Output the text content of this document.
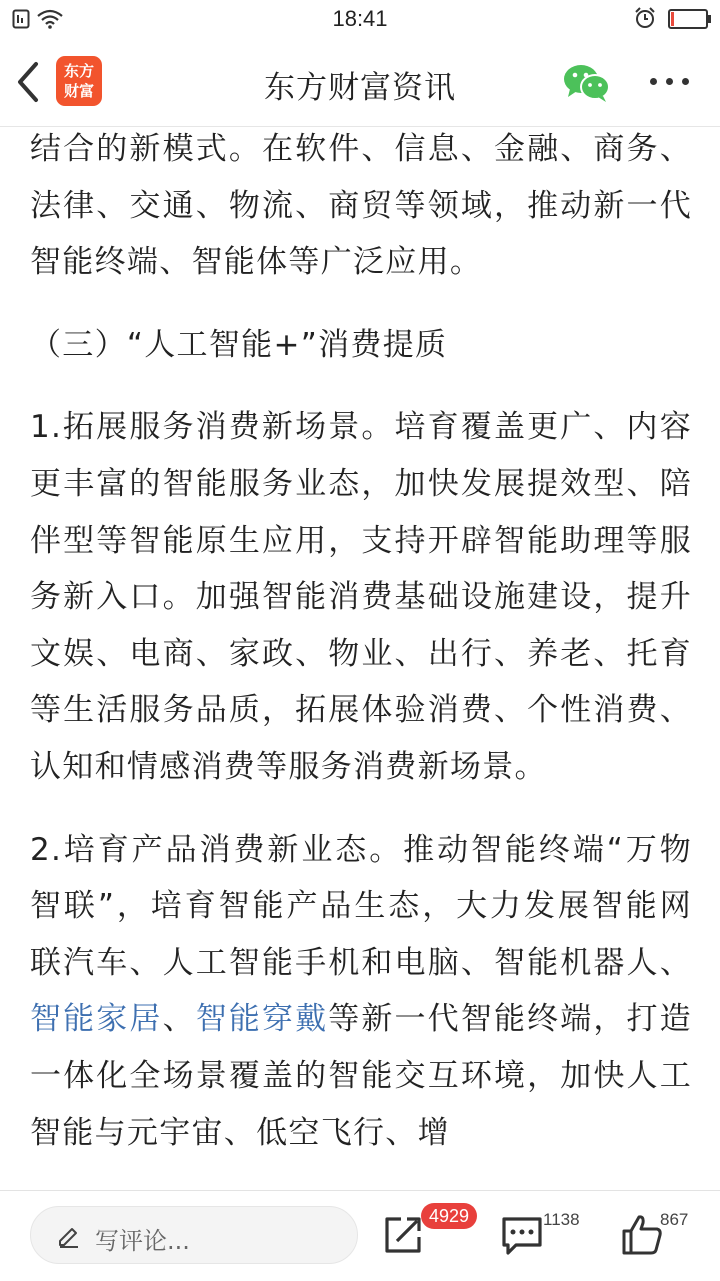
18:41
东方
财富	东方财富资讯

结合的新模式。在软件、信息、金融、商务、法律、交通、物流、商贸等领域，推动新一代智能终端、智能体等广泛应用。

（三）“人工智能+”消费提质

1.拓展服务消费新场景。培育覆盖更广、内容更丰富的智能服务业态，加快发展提效型、陪伴型等智能原生应用，支持开辟智能助理等服务新入口。加强智能消费基础设施建设，提升文娱、电商、家政、物业、出行、养老、托育等生活服务品质，拓展体验消费、个性消费、认知和情感消费等服务消费新场景。

2.培育产品消费新业态。推动智能终端“万物智联”，培育智能产品生态，大力发展智能网联汽车、人工智能手机和电脑、智能机器人、智能家居、智能穿戴等新一代智能终端，打造一体化全场景覆盖的智能交互环境，加快人工智能与元宇宙、低空飞行、增

写评论...
4929	1138	867
